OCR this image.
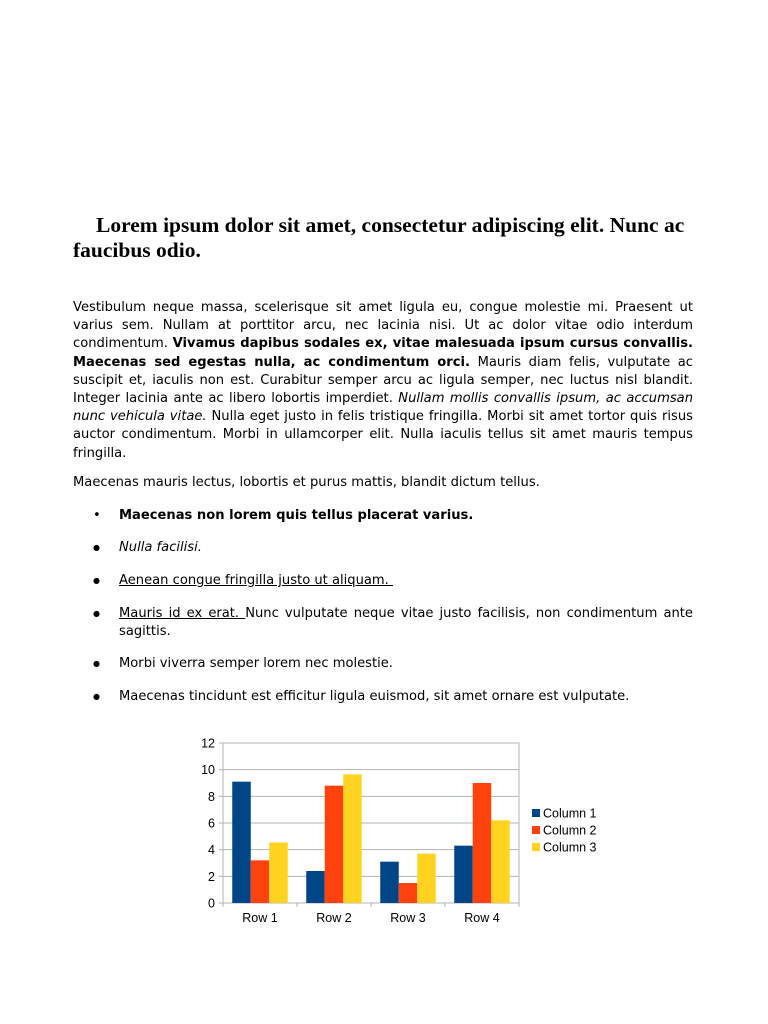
Lorem ipsum dolor sit amet, consectetur adipiscing elit. Nunc ac faucibus odio.

Vestibulum neque massa, scelerisque sit amet ligula eu, congue molestie mi. Praesent ut varius sem. Nullam at porttitor arcu, nec lacinia nisi. Ut ac dolor vitae odio interdum condimentum. Vivamus dapibus sodales ex, vitae malesuada ipsum cursus convallis. Maecenas sed egestas nulla, ac condimentum orci. Mauris diam felis, vulputate ac suscipit et, iaculis non est. Curabitur semper arcu ac ligula semper, nec luctus nisl blandit. Integer lacinia ante ac libero lobortis imperdiet. Nullam mollis convallis ipsum, ac accumsan nunc vehicula vitae. Nulla eget justo in felis tristique fringilla. Morbi sit amet tortor quis risus auctor condimentum. Morbi in ullamcorper elit. Nulla iaculis tellus sit amet mauris tempus fringilla.

Maecenas mauris lectus, lobortis et purus mattis, blandit dictum tellus.

• Maecenas non lorem quis tellus placerat varius.
● Nulla facilisi.
● Aenean congue fringilla justo ut aliquam.
● Mauris id ex erat. Nunc vulputate neque vitae justo facilisis, non condimentum ante sagittis.
● Morbi viverra semper lorem nec molestie.
● Maecenas tincidunt est efficitur ligula euismod, sit amet ornare est vulputate.
0
2
4
6
8
10
12
Row 1	Row 2	Row 3	Row 4
Column 1
Column 2
Column 3
